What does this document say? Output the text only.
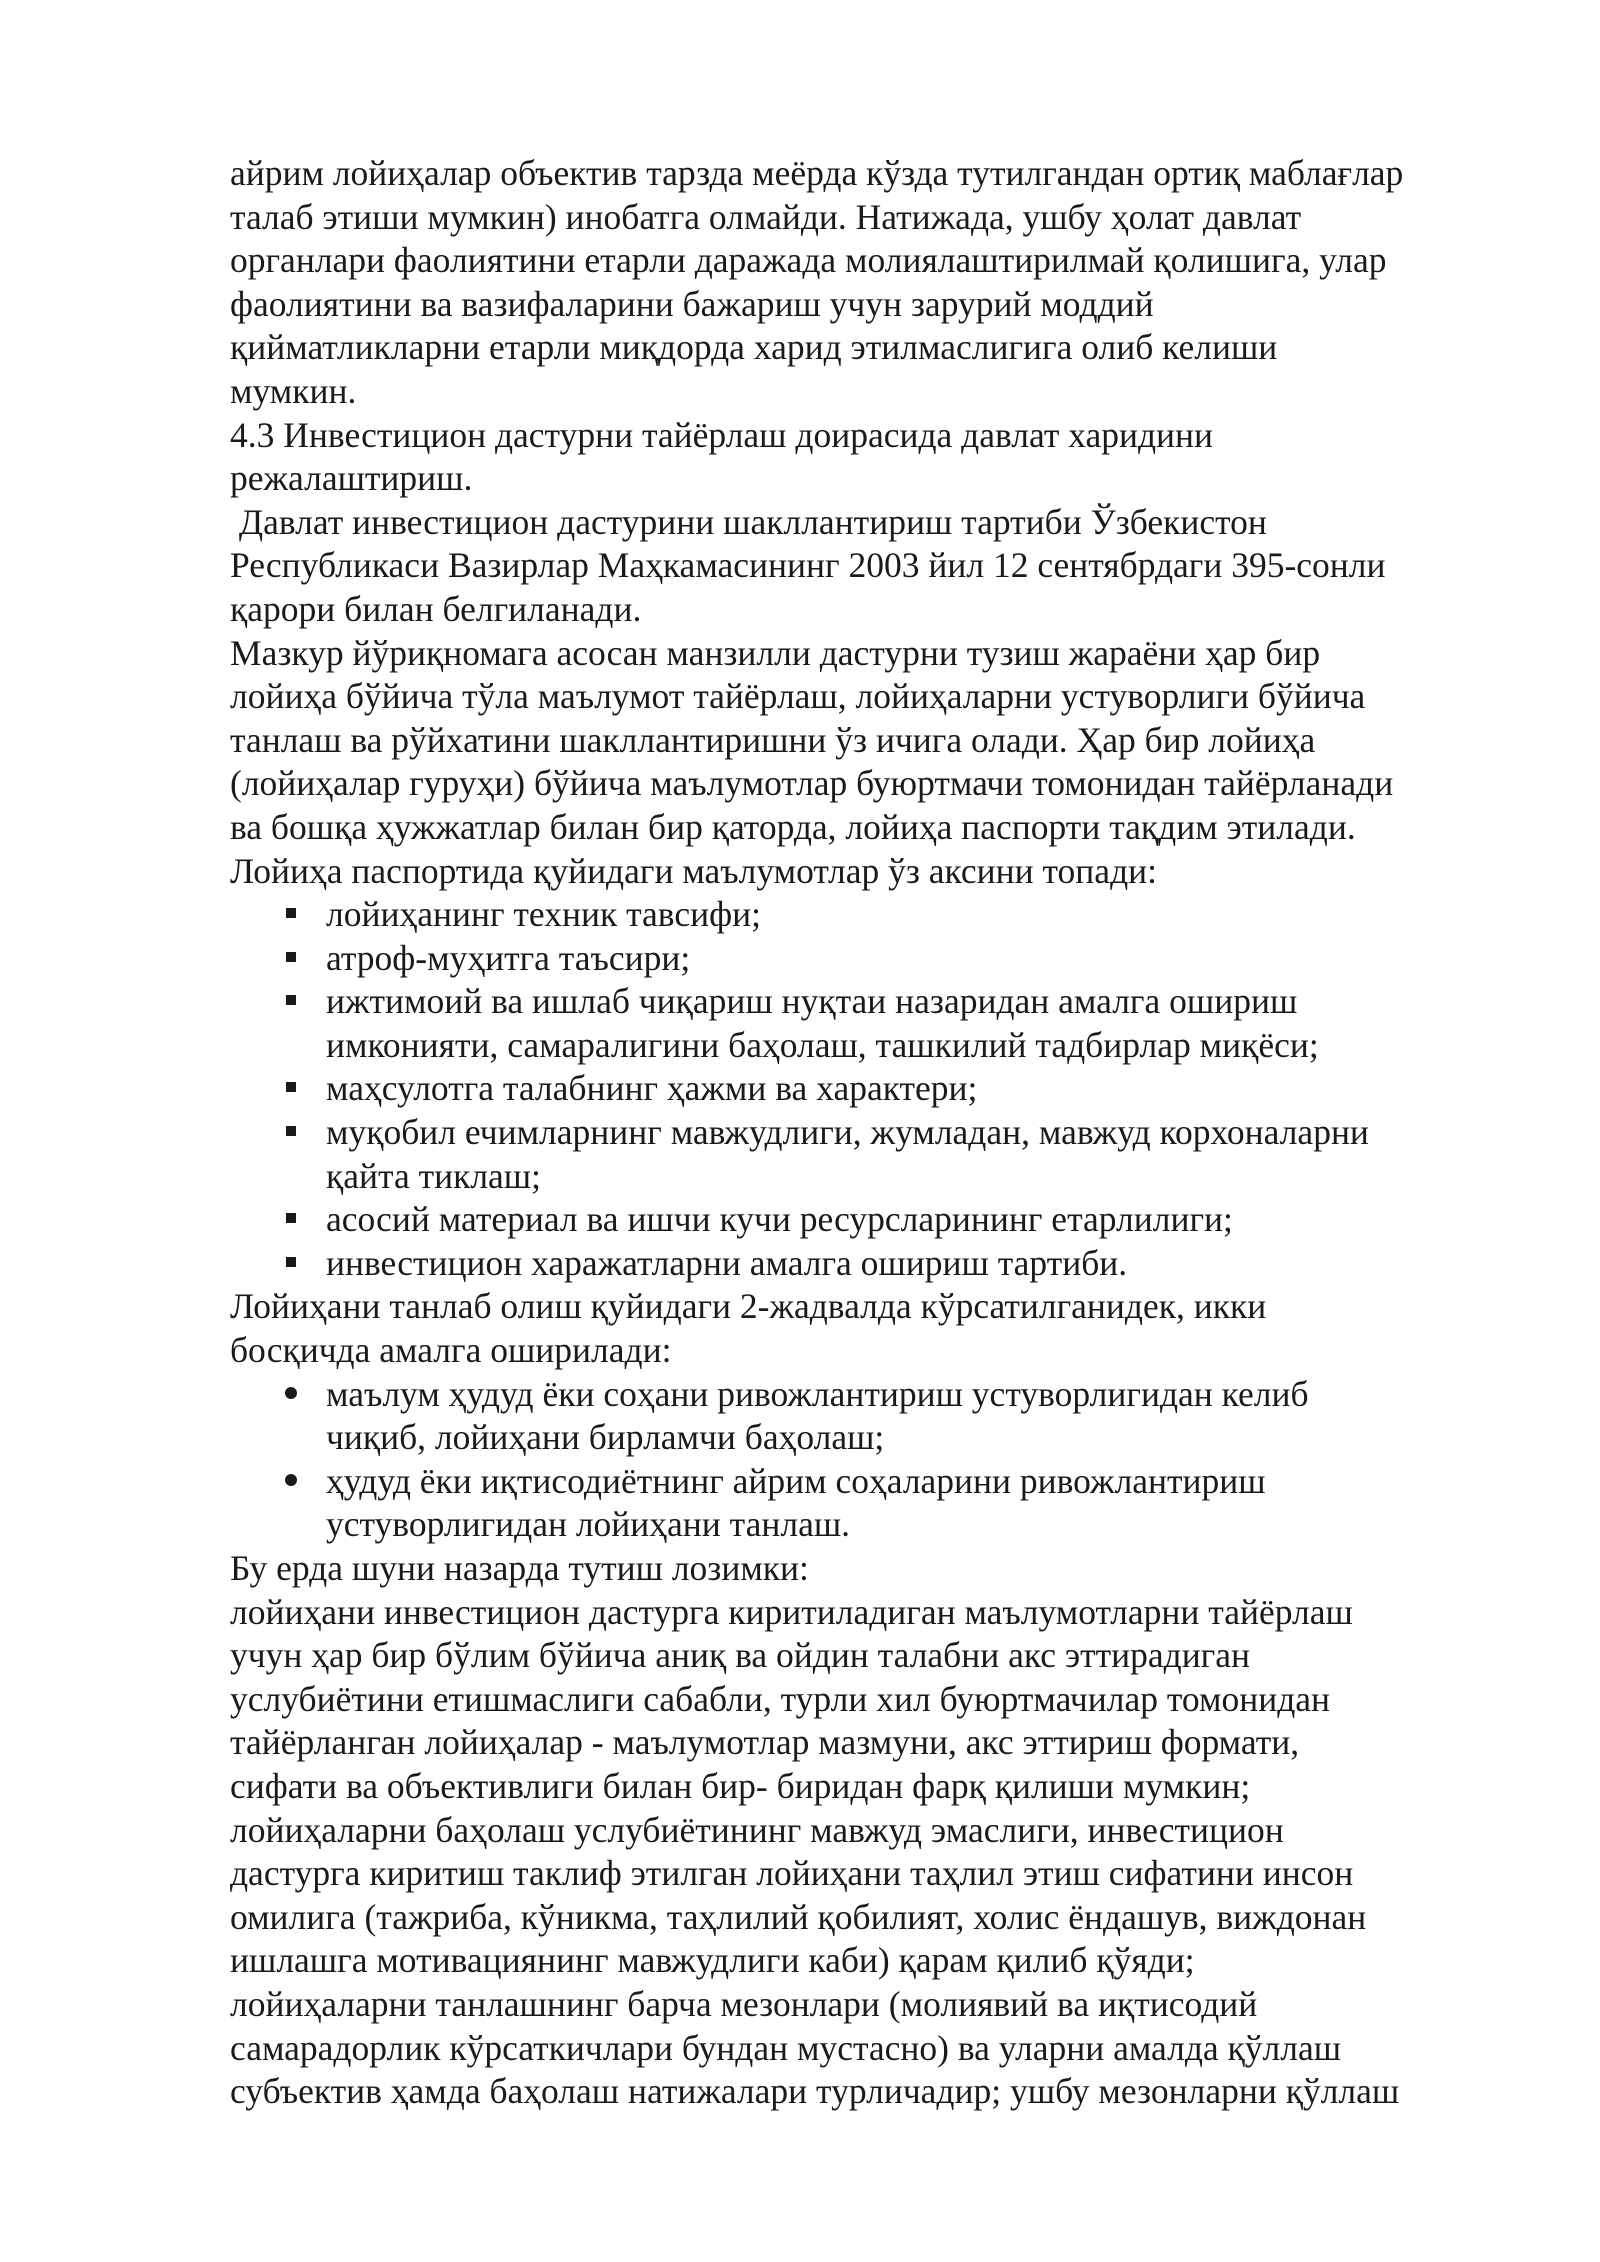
айрим лойиҳалар объектив тарзда меёрда кўзда тутилгандан ортиқ маблағлар
талаб этиши мумкин) инобатга олмайди. Натижада, ушбу ҳолат давлат
органлари фаолиятини етарли даражада молиялаштирилмай қолишига, улар
фаолиятини ва вазифаларини бажариш учун зарурий моддий
қийматликларни етарли миқдорда харид этилмаслигига олиб келиши
мумкин.
4.3 Инвестицион дастурни тайёрлаш доирасида давлат харидини
режалаштириш.
Давлат инвестицион дастурини шакллантириш тартиби Ўзбекистон
Республикаси Вазирлар Маҳкамасининг 2003 йил 12 сентябрдаги 395-сонли
қарори билан белгиланади.
Мазкур йўриқномага асосан манзилли дастурни тузиш жараёни ҳар бир
лойиҳа бўйича тўла маълумот тайёрлаш, лойиҳаларни устуворлиги бўйича
танлаш ва рўйхатини шакллантиришни ўз ичига олади. Ҳар бир лойиҳа
(лойиҳалар гуруҳи) бўйича маълумотлар буюртмачи томонидан тайёрланади
ва бошқа ҳужжатлар билан бир қаторда, лойиҳа паспорти тақдим этилади.
Лойиҳа паспортида қуйидаги маълумотлар ўз аксини топади:
лойиҳанинг техник тавсифи;
атроф-муҳитга таъсири;
ижтимоий ва ишлаб чиқариш нуқтаи назаридан амалга ошириш
имконияти, самаралигини баҳолаш, ташкилий тадбирлар миқёси;
маҳсулотга талабнинг ҳажми ва характери;
муқобил ечимларнинг мавжудлиги, жумладан, мавжуд корхоналарни
қайта тиклаш;
асосий материал ва ишчи кучи ресурсларининг етарлилиги;
инвестицион харажатларни амалга ошириш тартиби.
Лойиҳани танлаб олиш қуйидаги 2-жадвалда кўрсатилганидек, икки
босқичда амалга оширилади:
маълум ҳудуд ёки соҳани ривожлантириш устуворлигидан келиб
чиқиб, лойиҳани бирламчи баҳолаш;
ҳудуд ёки иқтисодиётнинг айрим соҳаларини ривожлантириш
устуворлигидан лойиҳани танлаш.
Бу ерда шуни назарда тутиш лозимки:
лойиҳани инвестицион дастурга киритиладиган маълумотларни тайёрлаш
учун ҳар бир бўлим бўйича аниқ ва ойдин талабни акс эттирадиган
услубиётини етишмаслиги сабабли, турли хил буюртмачилар томонидан
тайёрланган лойиҳалар - маълумотлар мазмуни, акс эттириш формати,
сифати ва объективлиги билан бир- биридан фарқ қилиши мумкин;
лойиҳаларни баҳолаш услубиётининг мавжуд эмаслиги, инвестицион
дастурга киритиш таклиф этилган лойиҳани таҳлил этиш сифатини инсон
омилига (тажриба, кўникма, таҳлилий қобилият, холис ёндашув, виждонан
ишлашга мотивациянинг мавжудлиги каби) қарам қилиб қўяди;
лойиҳаларни танлашнинг барча мезонлари (молиявий ва иқтисодий
самарадорлик кўрсаткичлари бундан мустасно) ва уларни амалда қўллаш
субъектив ҳамда баҳолаш натижалари турличадир; ушбу мезонларни қўллаш
